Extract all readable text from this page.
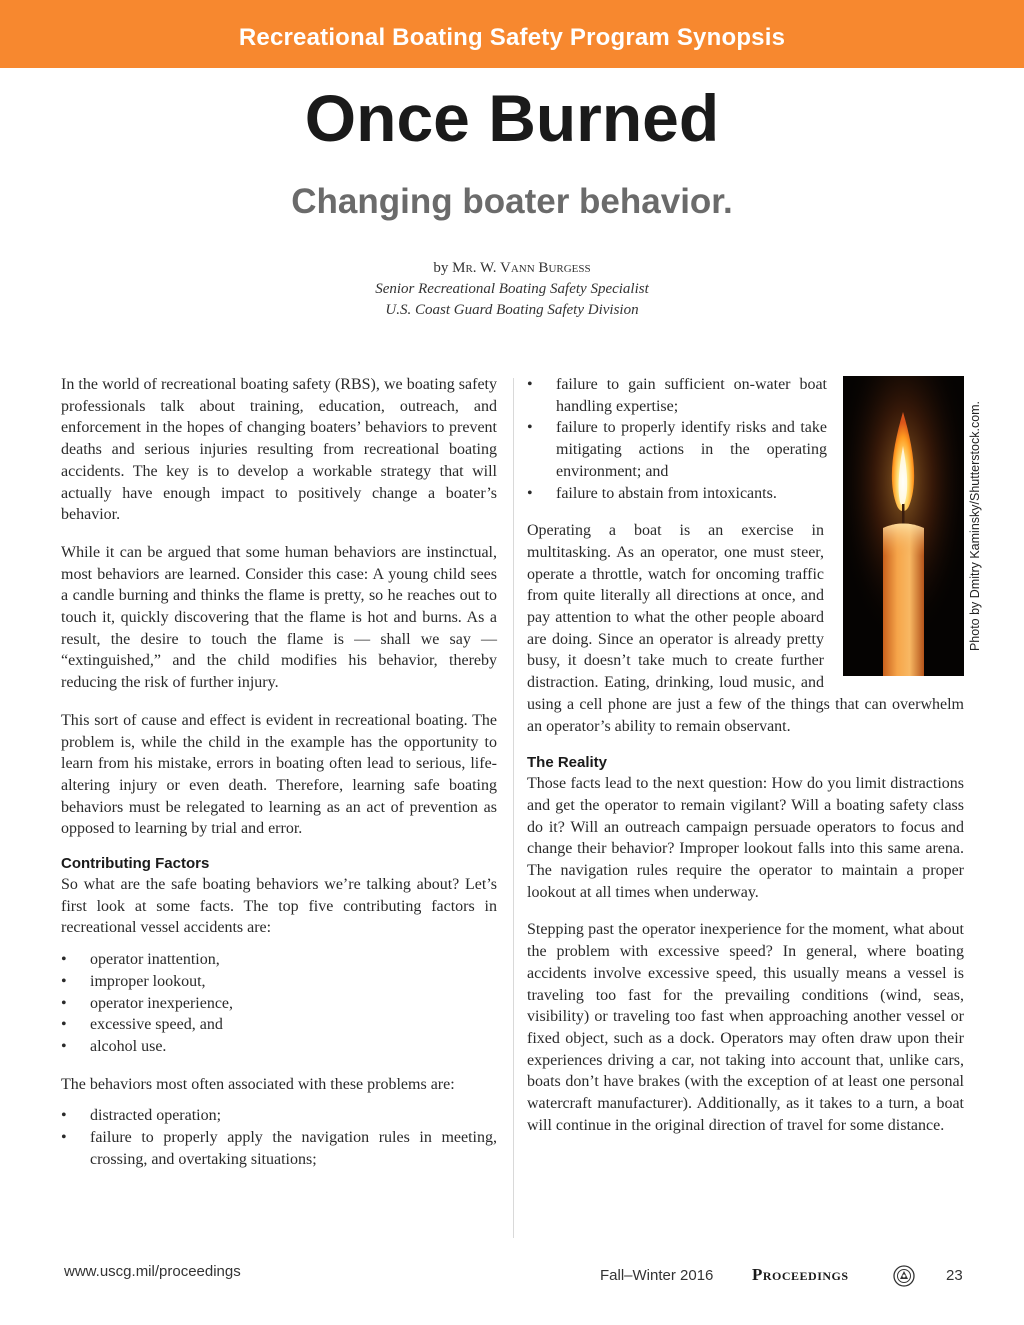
Recreational Boating Safety Program Synopsis
Once Burned
Changing boater behavior.
by Mr. W. Vann Burgess
Senior Recreational Boating Safety Specialist
U.S. Coast Guard Boating Safety Division

In the world of recreational boating safety (RBS), we boating safety professionals talk about training, education, outreach, and enforcement in the hopes of changing boaters’ behaviors to prevent deaths and serious injuries resulting from recreational boating accidents. The key is to develop a workable strategy that will actually have enough impact to positively change a boater’s behavior.

While it can be argued that some human behaviors are instinctual, most behaviors are learned. Consider this case: A young child sees a candle burning and thinks the flame is pretty, so he reaches out to touch it, quickly discovering that the flame is hot and burns. As a result, the desire to touch the flame is — shall we say — “extinguished,” and the child modifies his behavior, thereby reducing the risk of further injury.

This sort of cause and effect is evident in recreational boating. The problem is, while the child in the example has the opportunity to learn from his mistake, errors in boating often lead to serious, life-altering injury or even death. Therefore, learning safe boating behaviors must be relegated to learning as an act of prevention as opposed to learning by trial and error.

Contributing Factors

So what are the safe boating behaviors we’re talking about? Let’s first look at some facts. The top five contributing factors in recreational vessel accidents are:

• operator inattention,
• improper lookout,
• operator inexperience,
• excessive speed, and
• alcohol use.

The behaviors most often associated with these problems are:

• distracted operation;
• failure to properly apply the navigation rules in meeting, crossing, and overtaking situations;
• failure to gain sufficient on-water boat handling expertise;
• failure to properly identify risks and take mitigating actions in the operating environment; and
• failure to abstain from intoxicants.

Operating a boat is an exercise in multitasking. As an operator, one must steer, operate a throttle, watch for oncoming traffic from quite literally all directions at once, and pay attention to what the other people aboard are doing. Since an operator is already pretty busy, it doesn’t take much to create further distraction. Eating, drinking, loud music, and using a cell phone are just a few of the things that can overwhelm an operator’s ability to remain observant.

The Reality

Those facts lead to the next question: How do you limit distractions and get the operator to remain vigilant? Will a boating safety class do it? Will an outreach campaign persuade operators to focus and change their behavior? Improper lookout falls into this same arena. The navigation rules require the operator to maintain a proper lookout at all times when underway.

Stepping past the operator inexperience for the moment, what about the problem with excessive speed? In general, where boating accidents involve excessive speed, this usually means a vessel is traveling too fast for the prevailing conditions (wind, seas, visibility) or traveling too fast when approaching another vessel or fixed object, such as a dock. Operators may often draw upon their experiences driving a car, not taking into account that, unlike cars, boats don’t have brakes (with the exception of at least one personal watercraft manufacturer). Additionally, as it takes to a turn, a boat will continue in the original direction of travel for some distance.

Photo by Dmitry Kaminsky/Shutterstock.com.
www.uscg.mil/proceedings	Fall–Winter 2016 Proceedings	23
